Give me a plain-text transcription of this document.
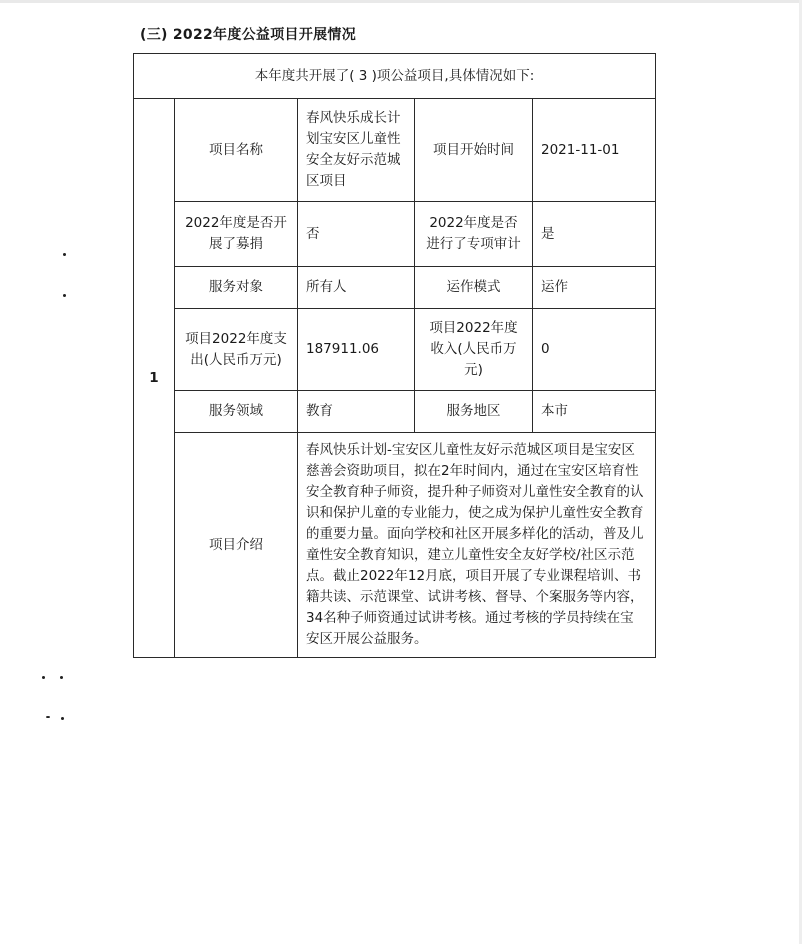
(三) 2022年度公益项目开展情况
本年度共开展了( 3 )项公益项目,具体情况如下:				
1	项目名称	春风快乐成长计划宝安区儿童性安全友好示范城区项目	项目开始时间	2021-11-01
	2022年度是否开展了募捐	否	2022年度是否进行了专项审计	是
	服务对象	所有人	运作模式	运作
	项目2022年度支出(人民币万元)	187911.06	项目2022年度收入(人民币万元)	0
	服务领域	教育	服务地区	本市
	项目介绍	春风快乐计划-宝安区儿童性友好示范城区项目是宝安区慈善会资助项目，拟在2年时间内，通过在宝安区培育性安全教育种子师资，提升种子师资对儿童性安全教育的认识和保护儿童的专业能力，使之成为保护儿童性安全教育的重要力量。面向学校和社区开展多样化的活动，普及儿童性安全教育知识，建立儿童性安全友好学校/社区示范点。截止2022年12月底，项目开展了专业课程培训、书籍共读、示范课堂、试讲考核、督导、个案服务等内容，34名种子师资通过试讲考核。通过考核的学员持续在宝安区开展公益服务。		
